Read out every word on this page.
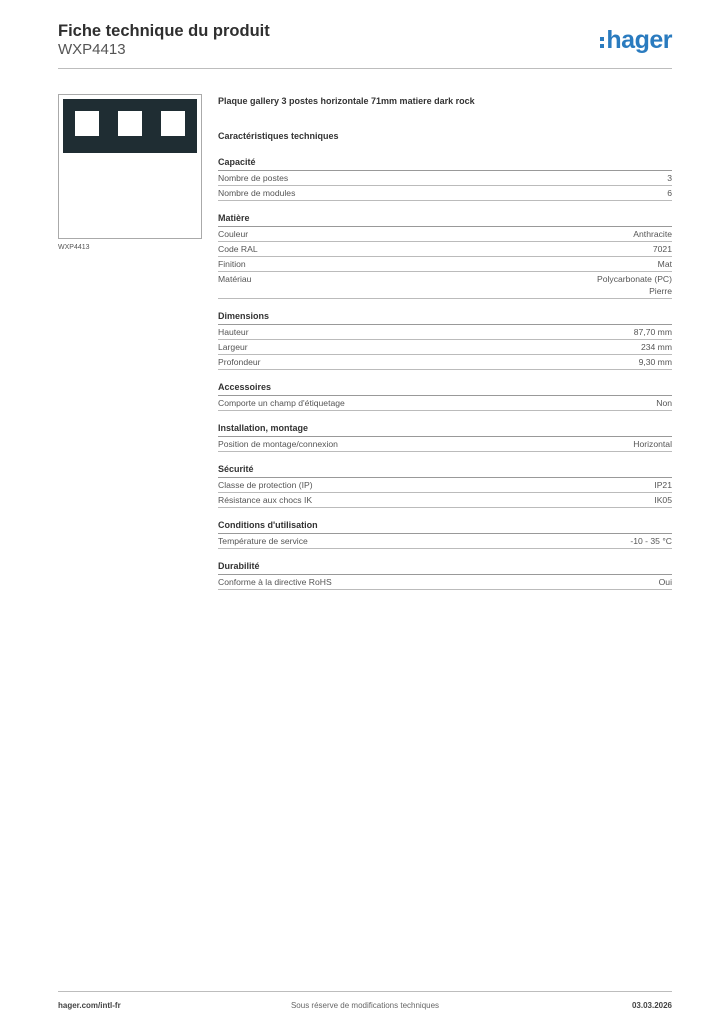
Fiche technique du produit
WXP4413	hager
WXP4413
Plaque gallery 3 postes horizontale 71mm matiere dark rock
Caractéristiques techniques
Capacité
Nombre de postes	3
Nombre de modules	6
Matière
Couleur	Anthracite
Code RAL	7021
Finition	Mat
Matériau	Polycarbonate (PC)
Pierre
Dimensions
Hauteur	87,70 mm
Largeur	234 mm
Profondeur	9,30 mm
Accessoires
Comporte un champ d'étiquetage	Non
Installation, montage
Position de montage/connexion	Horizontal
Sécurité
Classe de protection (IP)	IP21
Résistance aux chocs IK	IK05
Conditions d'utilisation
Température de service	-10 - 35 °C
Durabilité
Conforme à la directive RoHS	Oui
hager.com/intl-fr	Sous réserve de modifications techniques	03.03.2026
